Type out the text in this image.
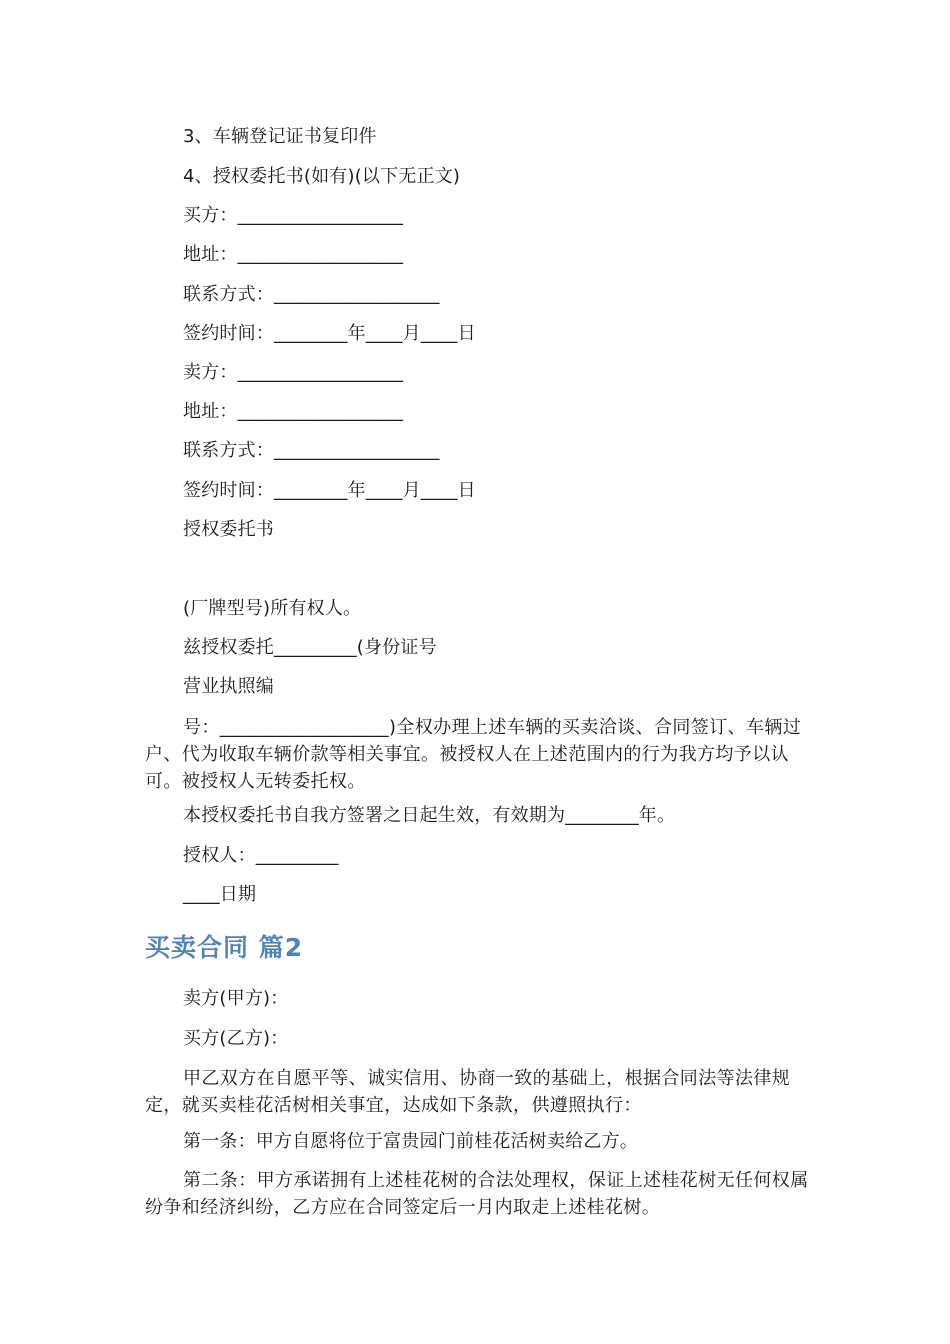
3、车辆登记证书复印件
4、授权委托书(如有)(以下无正文)
买方：__________________
地址：__________________
联系方式：__________________
签约时间：________年____月____日
卖方：__________________
地址：__________________
联系方式：__________________
签约时间：________年____月____日
授权委托书
(厂牌型号)所有权人。
兹授权委托_________(身份证号
营业执照编
号：__________________)全权办理上述车辆的买卖洽谈、合同签订、车辆过户、代为收取车辆价款等相关事宜。被授权人在上述范围内的行为我方均予以认可。被授权人无转委托权。
本授权委托书自我方签署之日起生效，有效期为________年。
授权人：_________
____日期
买卖合同 篇2
卖方(甲方)：
买方(乙方)：
甲乙双方在自愿平等、诚实信用、协商一致的基础上，根据合同法等法律规定，就买卖桂花活树相关事宜，达成如下条款，供遵照执行：
第一条：甲方自愿将位于富贵园门前桂花活树卖给乙方。
第二条：甲方承诺拥有上述桂花树的合法处理权，保证上述桂花树无任何权属纷争和经济纠纷，乙方应在合同签定后一月内取走上述桂花树。
